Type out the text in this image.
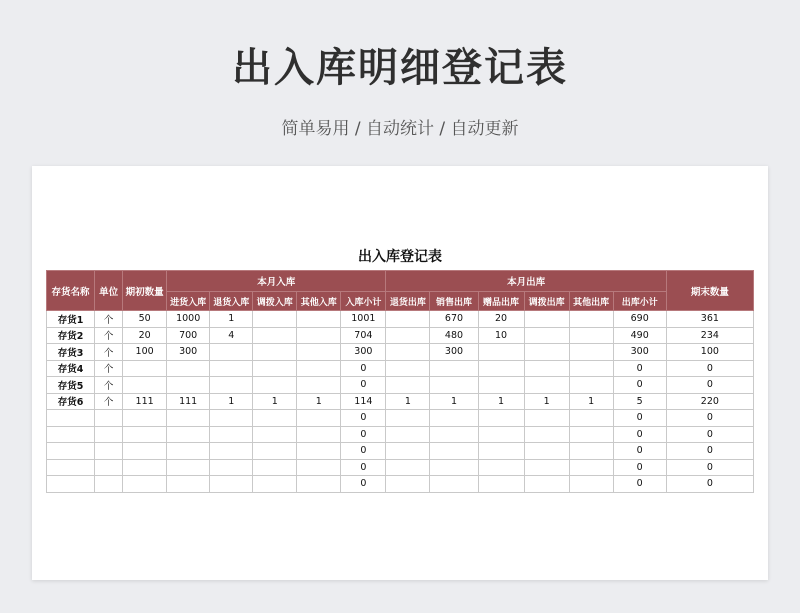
出入库明细登记表
简单易用 / 自动统计 / 自动更新
出入库登记表
存货名称	单位	期初数量	本月入库					本月出库						期末数量
			进货入库	退货入库	调拨入库	其他入库	入库小计	退货出库	销售出库	赠品出库	调拨出库	其他出库	出库小计	
存货1	个	50	1000	1			1001		670	20			690	361
存货2	个	20	700	4			704		480	10			490	234
存货3	个	100	300				300		300				300	100
存货4	个						0						0	0
存货5	个						0						0	0
存货6	个	111	111	1	1	1	114	1	1	1	1	1	5	220
							0						0	0
							0						0	0
							0						0	0
							0						0	0
							0						0	0
